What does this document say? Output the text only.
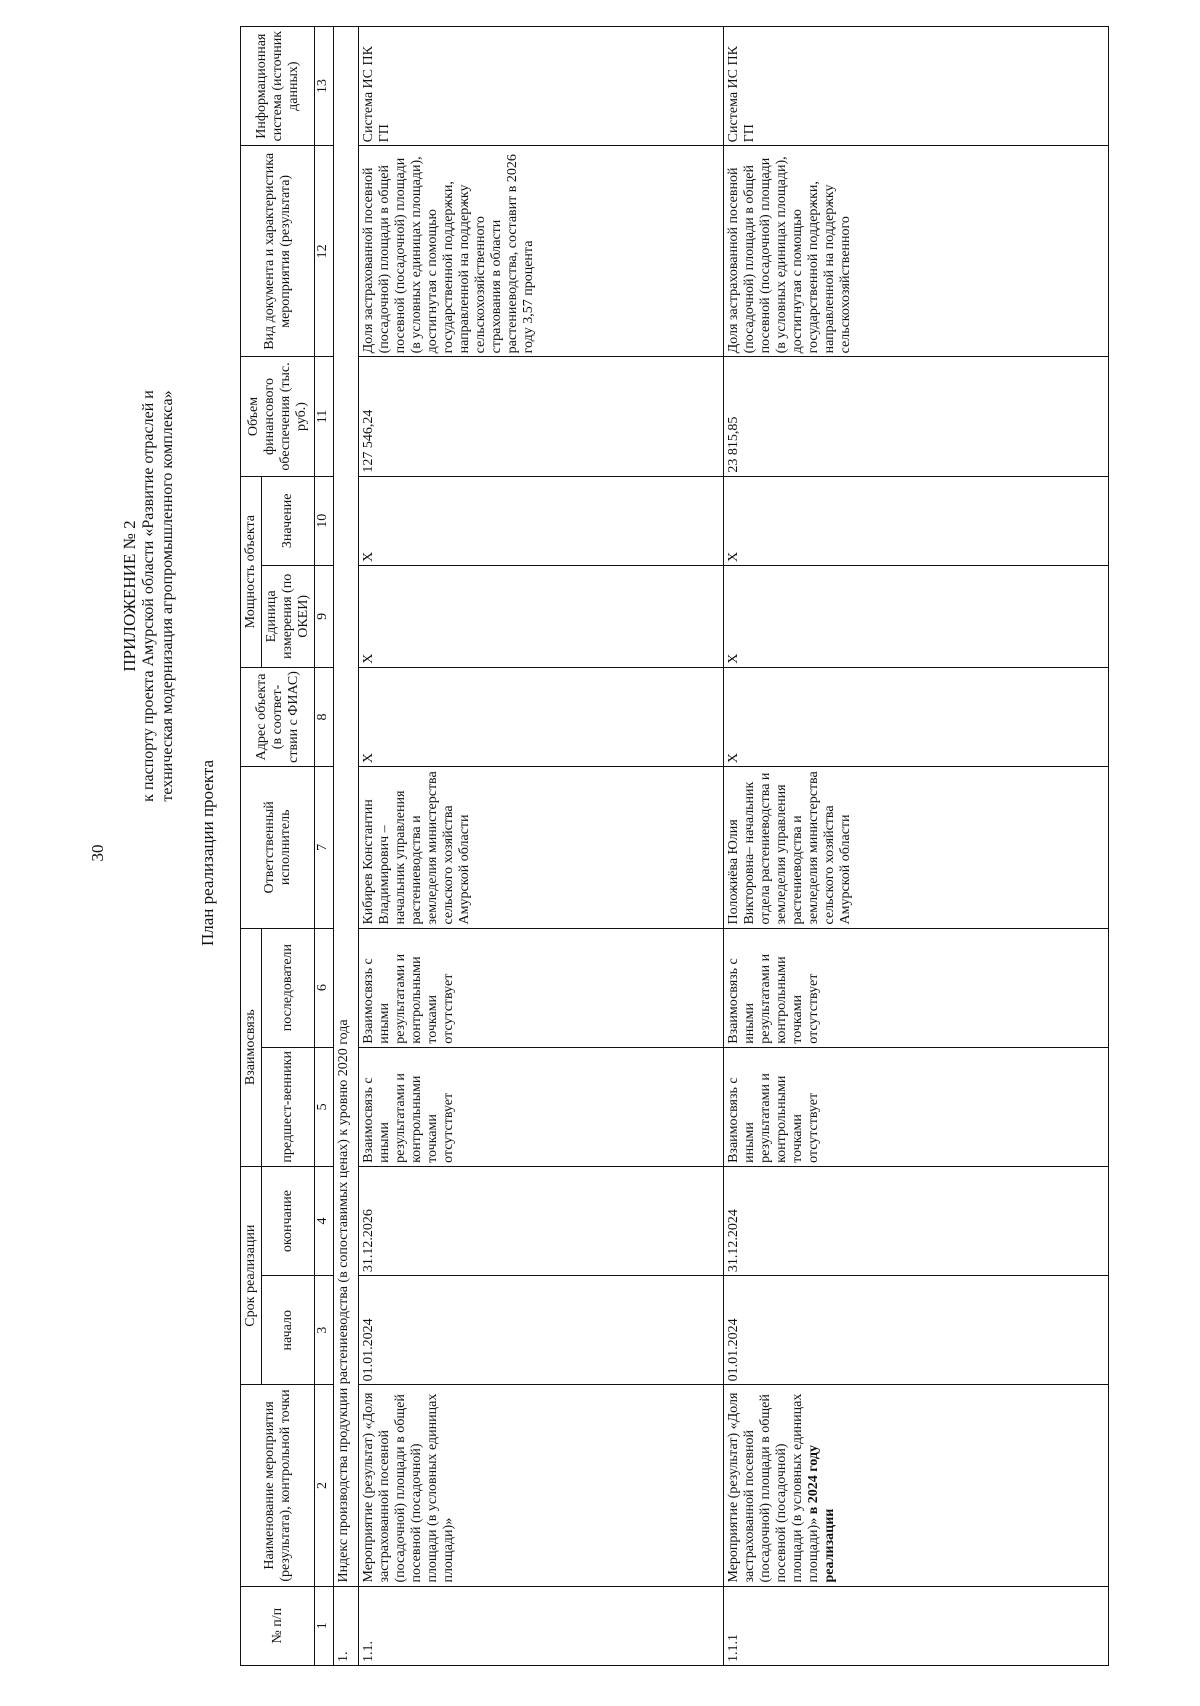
30
ПРИЛОЖЕНИЕ № 2 к паспорту проекта Амурской области «Развитие отраслей и техническая модернизация агропромышленного комплекса»
План реализации проекта
№ п/п	Наименование мероприятия (результата), контрольной точки	Срок реализации		Взаимосвязь		Ответственный исполнитель	Адрес объекта (в соответ-ствии с ФИАС)	Мощность объекта		Объем финансового обеспечения (тыс. руб.)	Вид документа и характеристика мероприятия (результата)	Информационная система (источник данных)
		начало	окончание	предшест-венники	последователи			Единица измерения (по ОКЕИ)	Значение			
1	2	3	4	5	6	7	8	9	10	11	12	13
1.	Индекс производства продукции растениеводства (в сопоставимых ценах) к уровню 2020 года											
1.1.	Мероприятие (результат) «Доля застрахованной посевной (посадочной) площади в общей посевной (посадочной) площади (в условных единицах площади)»	01.01.2024	31.12.2026	Взаимосвязь с иными результатами и контрольными точками отсутствует	Взаимосвязь с иными результатами и контрольными точками отсутствует	Кибирев Константин Владимирович – начальник управления растениеводства и земледелия министерства сельского хозяйства Амурской области	X	X	X	127 546,24	Доля застрахованной посевной (посадочной) площади в общей посевной (посадочной) площади (в условных единицах площади), достигнутая с помощью государственной поддержки, направленной на поддержку сельскохозяйственного страхования в области растениеводства, составит в 2026 году 3,57 процента	Система ИС ПК ГП
1.1.1	Мероприятие (результат) «Доля застрахованной посевной (посадочной) площади в общей посевной (посадочной) площади (в условных единицах площади)» в 2024 году реализации	01.01.2024	31.12.2024	Взаимосвязь с иными результатами и контрольными точками отсутствует	Взаимосвязь с иными результатами и контрольными точками отсутствует	Положиёва Юлия Викторовна– начальник отдела растениеводства и земледелия управления растениеводства и земледелия министерства сельского хозяйства Амурской области	X	X	X	23 815,85	Доля застрахованной посевной (посадочной) площади в общей посевной (посадочной) площади (в условных единицах площади), достигнутая с помощью государственной поддержки, направленной на поддержку сельскохозяйственного	Система ИС ПК ГП
